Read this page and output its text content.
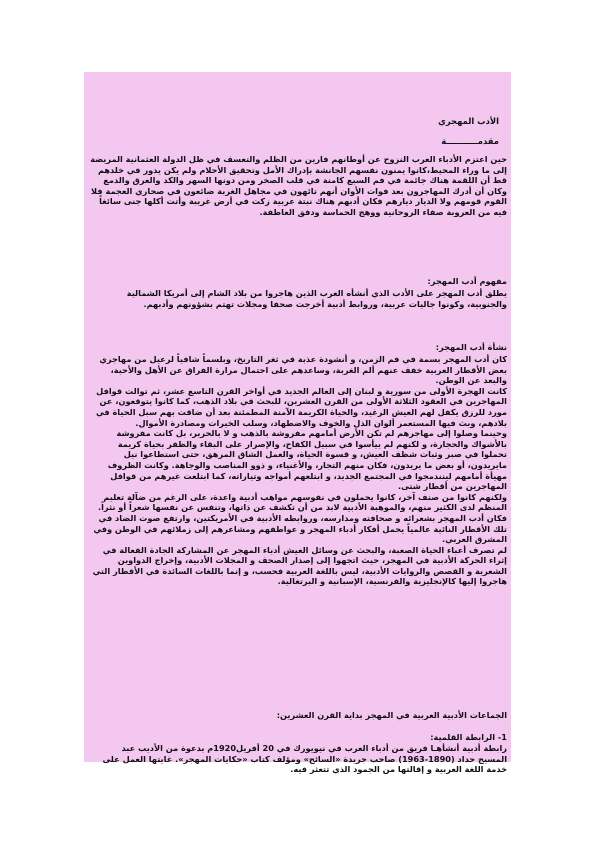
الأدب المهجري
مقدمـــــــــــة
حين اعتزم الأدباء العرب النزوح عن أوطانهم فارين من الظلم والتعسف في ظل الدولة العثمانية المريضة إلى ما وراء المحيط،كانوا يمنون نفسهم الجانشة بإدراك الأمل وتحقيق الأحلام ولم يكن يدور في خلدهم قط أن اللقمة هناك جائمة في فم السبع كامنة في قلب الصخر ومن دونها السهر والكد والعرق والدمع وكان أن أدرك المهاجرون بعد فوات الأوان أنهم تائهون في مجاهل الغربة ضائعون في صحاري العجمة فلا القوم قومهم ولا الديار ديارهم فكان أدبهم هناك نبتة عربية زكت في أرض غريبة وأتت أكلها جنى سائغاً فيه من العروبة صفاء الروحانية ووهج الحماسة ودفق العاطفة.
مفهوم أدب المهجر:
يطلق أدب المهجر على الأدب الذي أنشأه العرب الذين هاجروا من بلاد الشام إلى أمريكا الشمالية والجنوبية، وكونوا جاليات عربية، وروابط أدبية أخرجت صحفا ومجلات تهتم بشؤونهم وأدبهم.
نشأة أدب المهجر:
كان أدب المهجر بسمة في فم الزمن، و أنشودة عذبة في ثغر التاريخ، وبلسماً شافياً لرعيل من مهاجري بعض الأقطار العربية خفف عنهم ألم الغربة، وساعدهم على احتمال مرارة الفراق عن الأهل والأحبة، والبعد عن الوطن.
كانت الهجرة الأولى من سورية و لبنان إلى العالم الجديد في أواخر القرن التاسع عشر، ثم توالت قوافل المهاجرين في العقود الثلاثة الأولى من القرن العشرين، للبحث في بلاد الذهب، كما كانوا يتوقعون، عن مورد للرزق يكفل لهم العيش الرغيد، والحياة الكريمة الآمنة المطمئنة بعد أن ضاقت بهم سبل الحياة في بلادهم، وبث فيها المستعمر ألوان الذل والخوف والاضطهاد، وسلب الخيرات ومصادرة الأموال.
وحينما وصلوا إلى مهاجرهم لم تكن الأرض أمامهم مفروشة بالذهب و لا بالحرير، بل كانت مفروشة بالأشواك والحجارة، و لكنهم لم ييأسوا في سبيل الكفاح، والإصرار على البقاء والظفر بحياة كريمة تحملوا في صبر وثبات شظف العيش، و قسوة الحياة، والعمل الشاق المرهق، حتى استطاعوا نيل مايريدون، أو بعض ما يريدون، فكان منهم التجار، والأغنياء، و ذوو المناصب والوجاهة. وكانت الظروف مهيأة أمامهم لينندمجوا في المجتمع الجديد، و ابتلعهم أمواجه وتياراته، كما ابتلعت غيرهم من قوافل المهاجرين من أقطار شتى.
ولكنهم كانوا من صنف آخر، كانوا يحملون في نفوسهم مواهب أدبية واعدة، على الرغم من ضآلة تعليم المنظم لدى الكثير منهم، والموهبة الأدبية لابد من أن تكشف عن ذاتها، وتنفس عن نفسها شعراً أو نثراً.
فكان أدب المهجر بشعرائه و صحافته ومدارسه، وروابطه الأدبية في الأمريكتين، وارتفع صوت الضاد في تلك الأقطار النائية عالمياً يحمل أفكار أدباء المهجر و عواطفهم ومشاعرهم إلى زملائهم في الوطن وفي المشرق العربي.
لم تصرف أعباء الحياة الصعبة، والبحث عن وسائل العيش أدباء المهجر عن المشاركة الجادة الفعالة في إثراء الحركة الأدبية في المهجر، حيث اتجهوا إلى إصدار الصحف و المجلات الأدبية، وإخراج الدواوين الشعرية و القصص والروايات الأدبية، ليس باللغة العربية فحسب، و إنما باللغات السائدة في الأقطار التي هاجروا إليها كالإنجليزية والفرنسية، الإسبانية و البرتغالية.
الجماعات الأدبية العربية في المهجر بداية القرن العشرين:
1- الرابطة القلمية:
رابطة أدبية أنشأهـا فريق من أدباء العرب في نيويورك في 20 أفريل1920م بدعوة من الأديب عبد المسيح حداد (1890-1963) صاحب جريدة «السائح» ومؤلف كتاب «حكايات المهجر». غايتها العمل على خدمة اللغة العربية و إقالتها من الجمود الذي تتعثر فيه.
